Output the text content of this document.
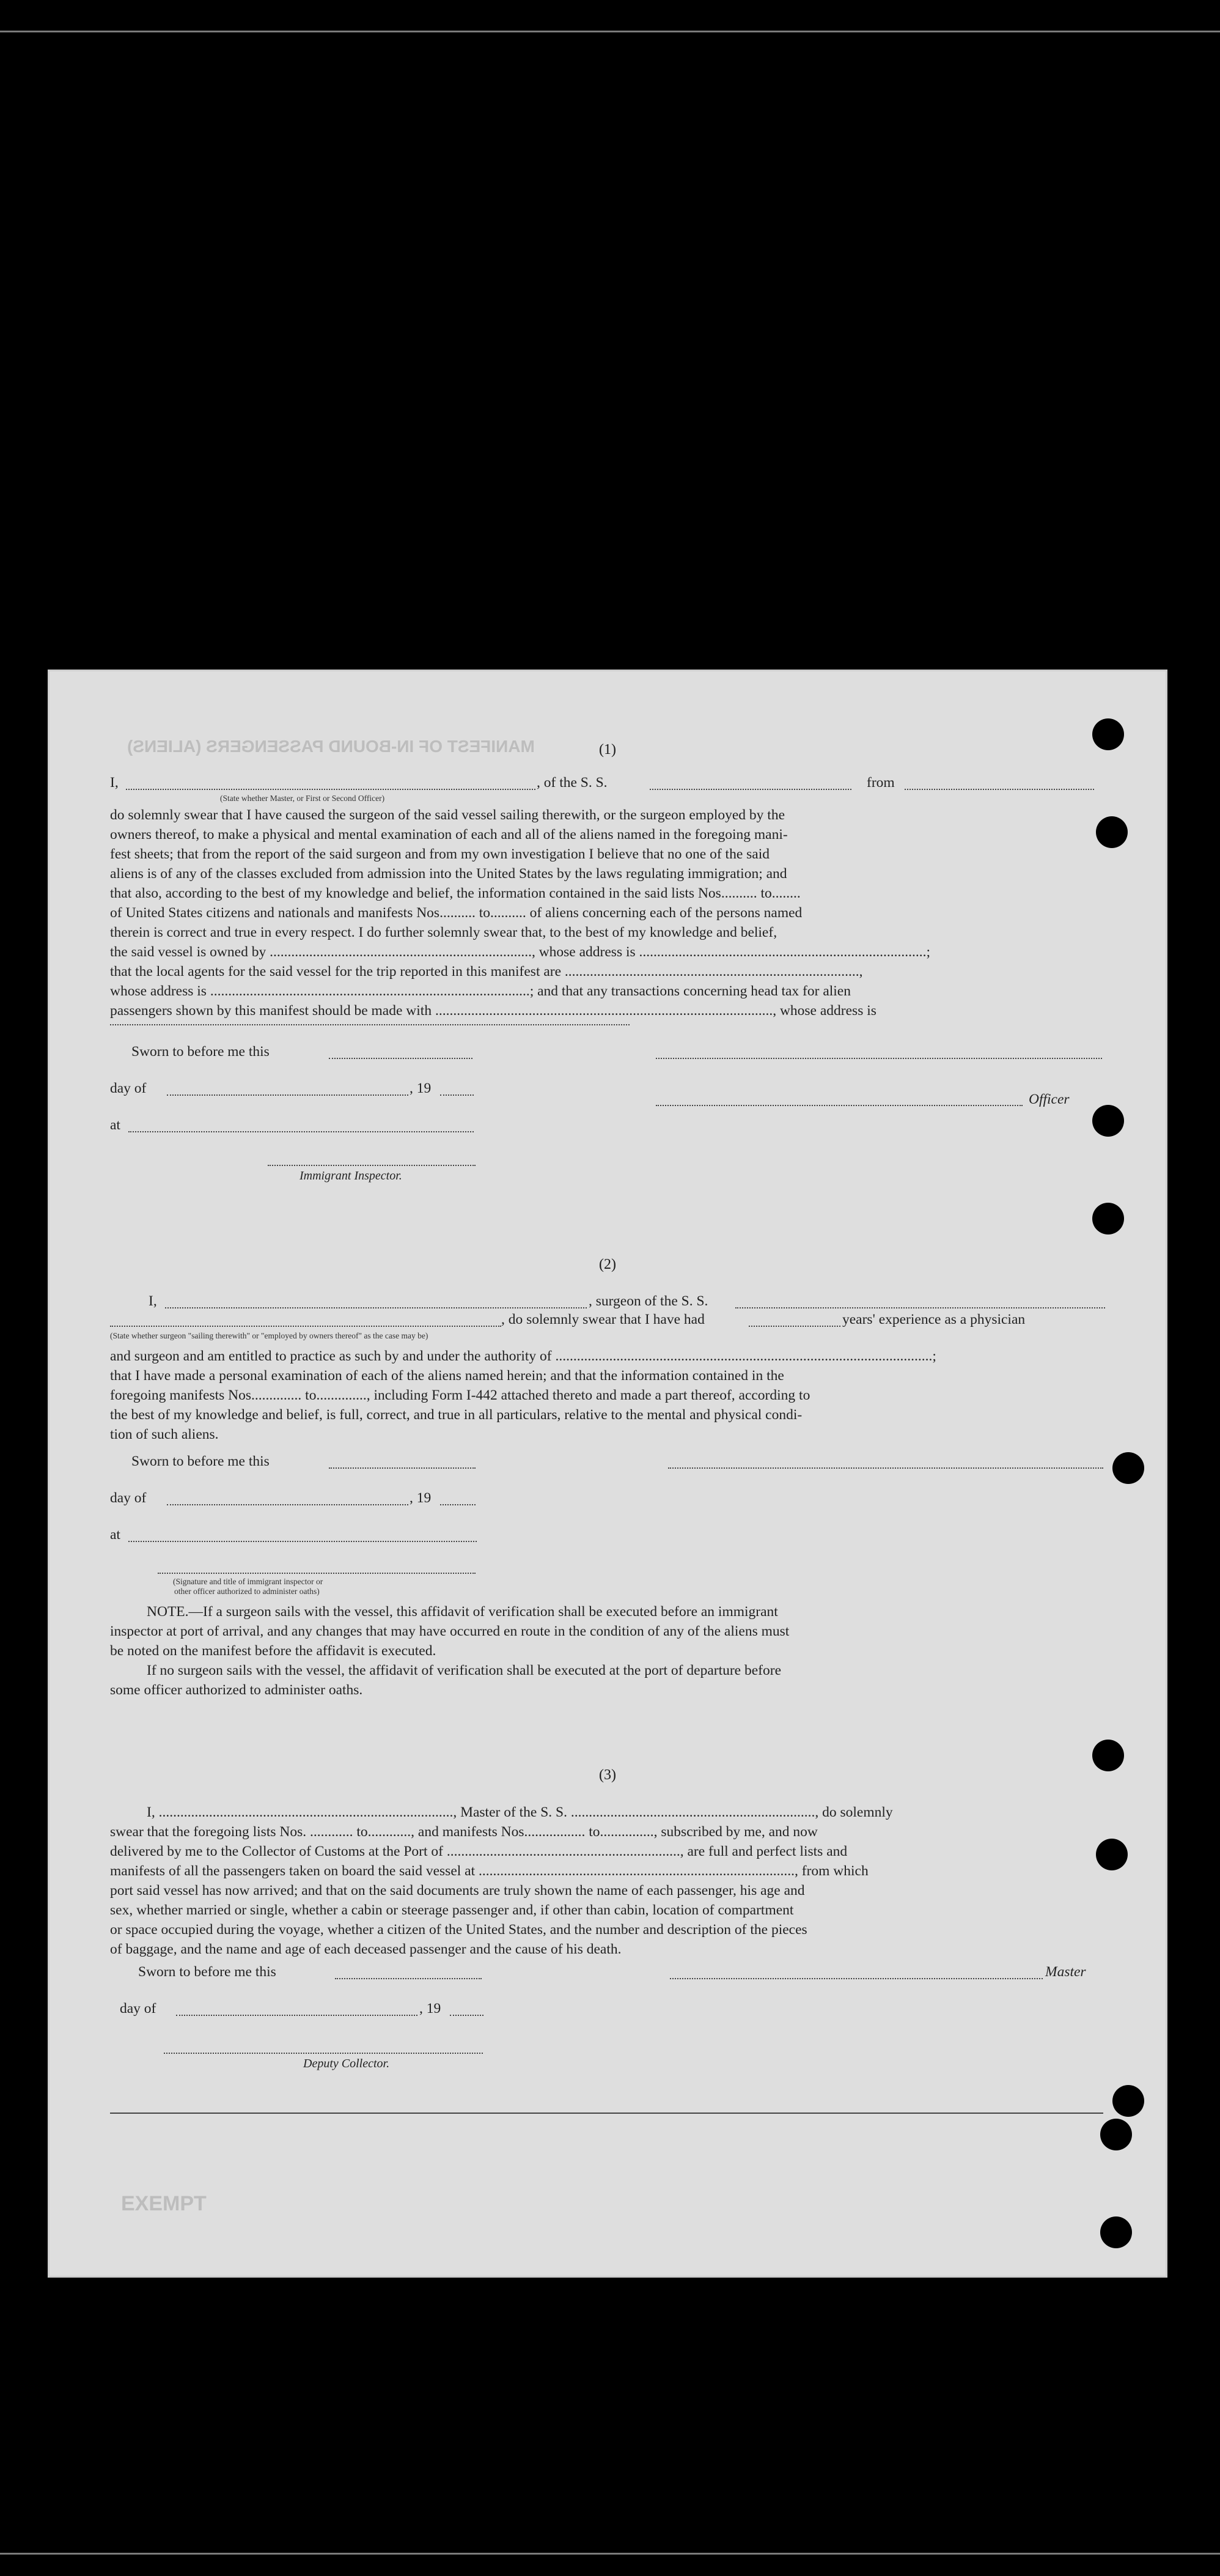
MANIFEST OF IN-BOUND PASSENGERS (ALIENS)
EXEMPT
(1)
I,	, of the S. S.	from
(State whether Master, or First or Second Officer)
do solemnly swear that I have caused the surgeon of the said vessel sailing therewith, or the surgeon employed by the
owners thereof, to make a physical and mental examination of each and all of the aliens named in the foregoing mani-
fest sheets; that from the report of the said surgeon and from my own investigation I believe that no one of the said
aliens is of any of the classes excluded from admission into the United States by the laws regulating immigration; and
that also, according to the best of my knowledge and belief, the information contained in the said lists Nos.......... to........
of United States citizens and nationals and manifests Nos.......... to.......... of aliens concerning each of the persons named
therein is correct and true in every respect. I do further solemnly swear that, to the best of my knowledge and belief,
the said vessel is owned by ........................................................................., whose address is ................................................................................;
that the local agents for the said vessel for the trip reported in this manifest are ..................................................................................,
whose address is .........................................................................................; and that any transactions concerning head tax for alien
passengers shown by this manifest should be made with .............................................................................................., whose address is
Sworn to before me this
day of	, 19
Officer
at
Immigrant Inspector.
(2)
I,	, surgeon of the S. S.
, do solemnly swear that I have had	years' experience as a physician
(State whether surgeon "sailing therewith" or "employed by owners thereof" as the case may be)
and surgeon and am entitled to practice as such by and under the authority of .........................................................................................................;
that I have made a personal examination of each of the aliens named herein; and that the information contained in the
foregoing manifests Nos.............. to.............., including Form I-442 attached thereto and made a part thereof, according to
the best of my knowledge and belief, is full, correct, and true in all particulars, relative to the mental and physical condi-
tion of such aliens.
Sworn to before me this
day of	, 19
at
(Signature and title of immigrant inspector or
other officer authorized to administer oaths)
NOTE.—If a surgeon sails with the vessel, this affidavit of verification shall be executed before an immigrant
inspector at port of arrival, and any changes that may have occurred en route in the condition of any of the aliens must
be noted on the manifest before the affidavit is executed.
If no surgeon sails with the vessel, the affidavit of verification shall be executed at the port of departure before
some officer authorized to administer oaths.
(3)
I, .................................................................................., Master of the S. S. ...................................................................., do solemnly
swear that the foregoing lists Nos. ............ to............, and manifests Nos................. to..............., subscribed by me, and now
delivered by me to the Collector of Customs at the Port of ................................................................., are full and perfect lists and
manifests of all the passengers taken on board the said vessel at ........................................................................................, from which
port said vessel has now arrived; and that on the said documents are truly shown the name of each passenger, his age and
sex, whether married or single, whether a cabin or steerage passenger and, if other than cabin, location of compartment
or space occupied during the voyage, whether a citizen of the United States, and the number and description of the pieces
of baggage, and the name and age of each deceased passenger and the cause of his death.
Sworn to before me this	Master
day of	, 19
Deputy Collector.
